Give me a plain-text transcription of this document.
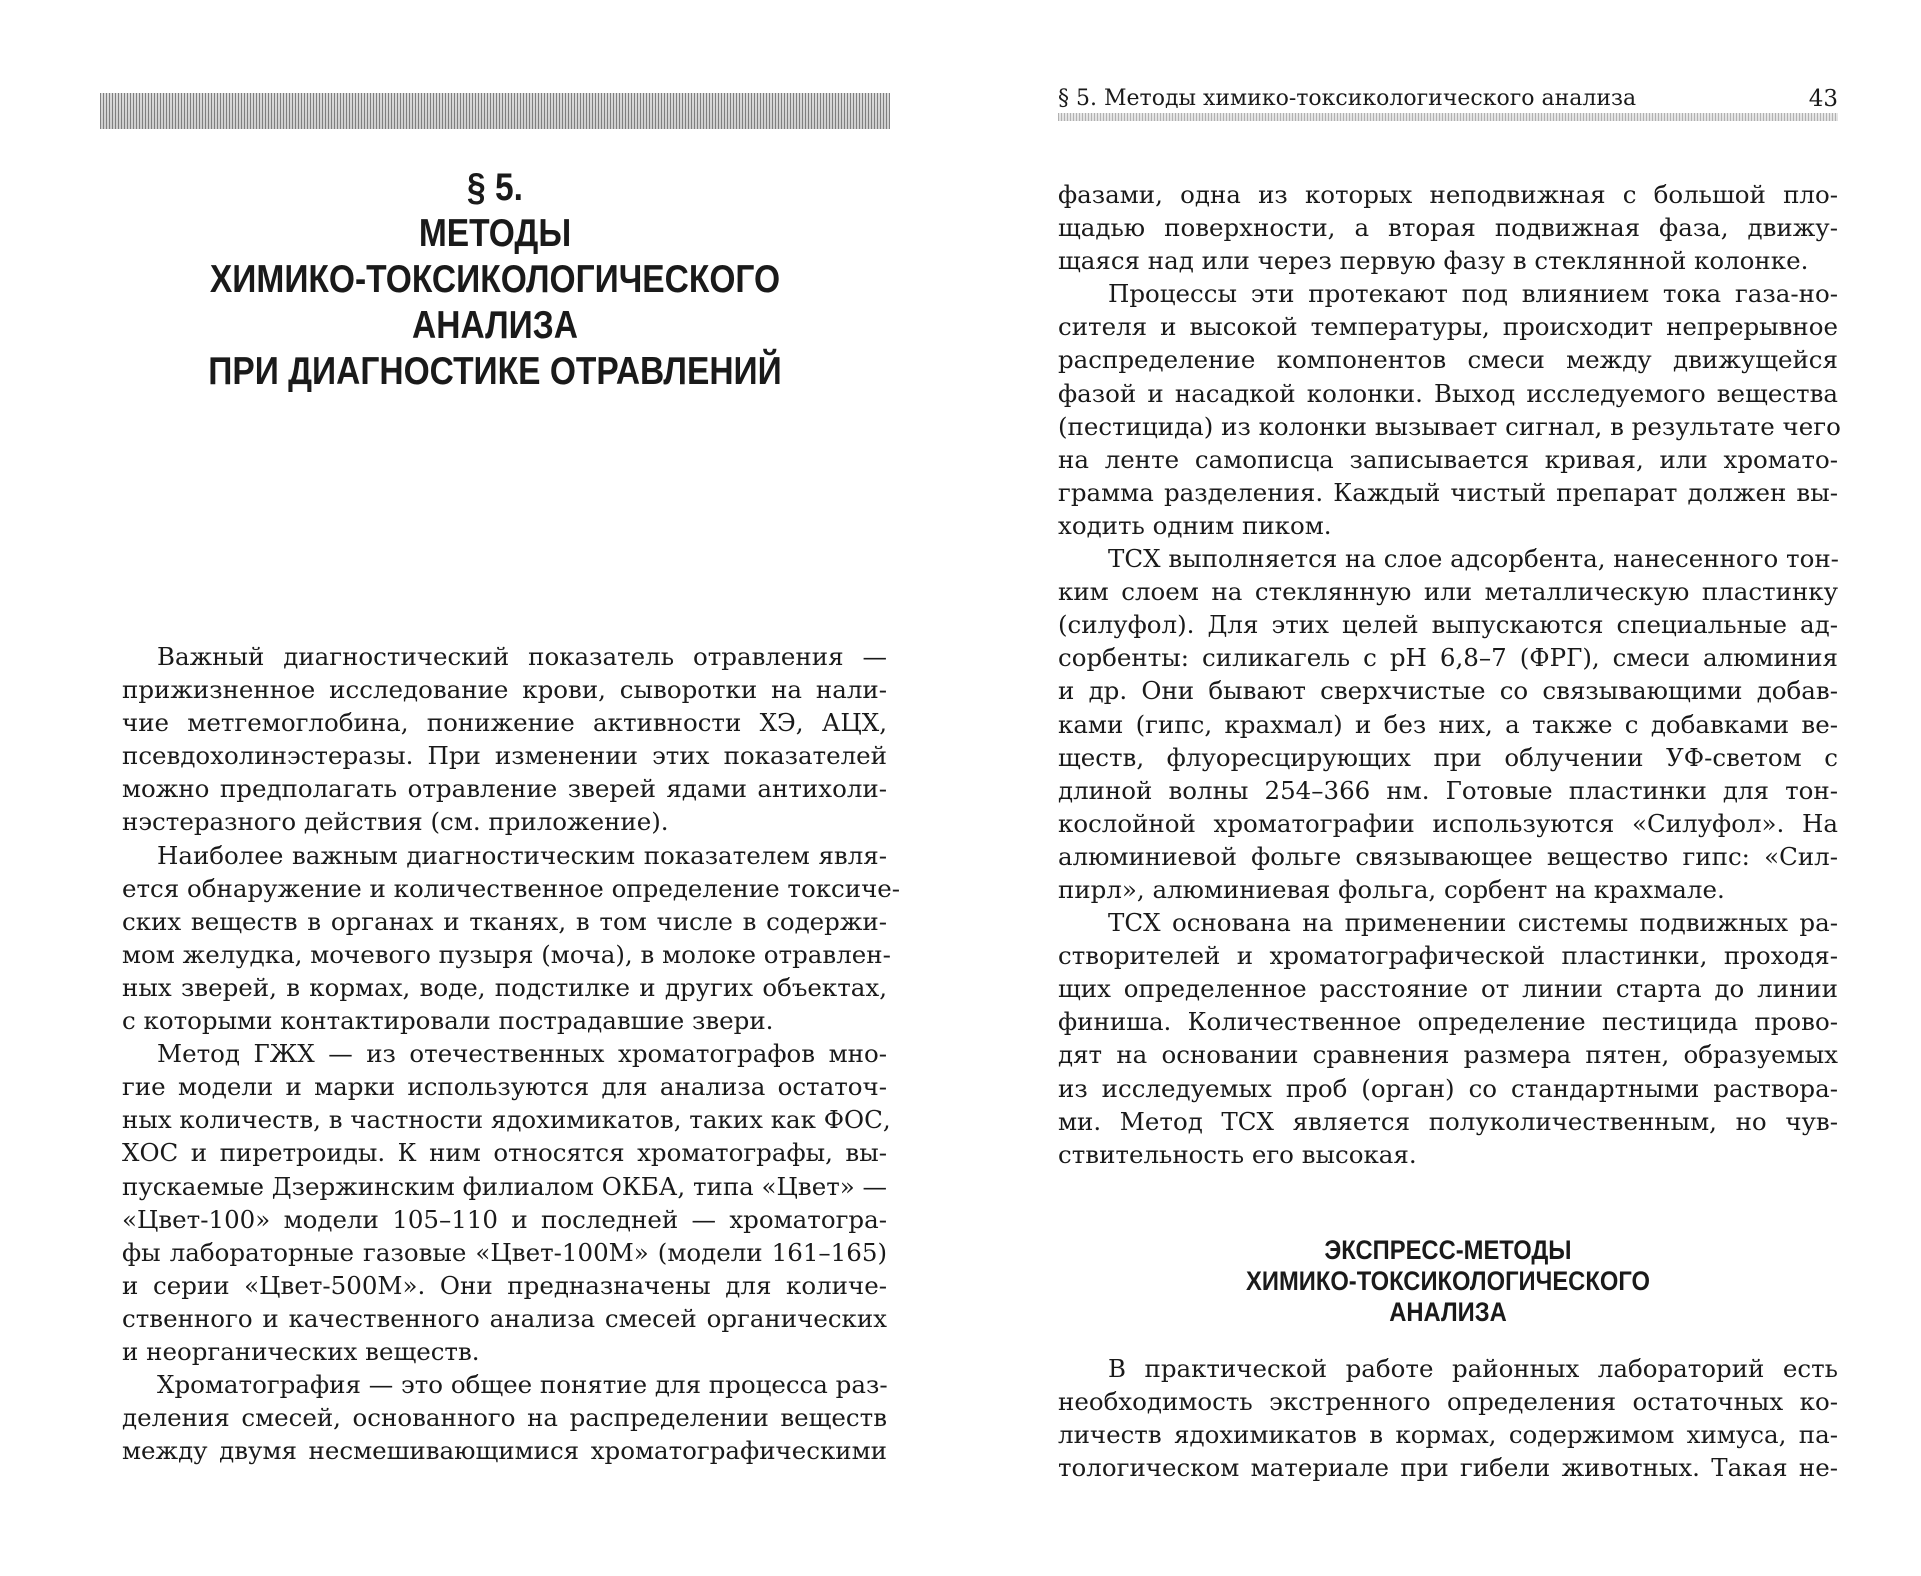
§ 5.
МЕТОДЫ
ХИМИКО-ТОКСИКОЛОГИЧЕСКОГО
АНАЛИЗА
ПРИ ДИАГНОСТИКЕ ОТРАВЛЕНИЙ

Важный диагностический показатель отравления —
прижизненное исследование крови, сыворотки на нали-
чие метгемоглобина, понижение активности ХЭ, АЦХ,
псевдохолинэстеразы. При изменении этих показателей
можно предполагать отравление зверей ядами антихоли-
нэстеразного действия (см. приложение).

Наиболее важным диагностическим показателем явля-
ется обнаружение и количественное определение токсиче-
ских веществ в органах и тканях, в том числе в содержи-
мом желудка, мочевого пузыря (моча), в молоке отравлен-
ных зверей, в кормах, воде, подстилке и других объектах,
с которыми контактировали пострадавшие звери.

Метод ГЖХ — из отечественных хроматографов мно-
гие модели и марки используются для анализа остаточ-
ных количеств, в частности ядохимикатов, таких как ФОС,
ХОС и пиретроиды. К ним относятся хроматографы, вы-
пускаемые Дзержинским филиалом ОКБА, типа «Цвет» —
«Цвет-100» модели 105–110 и последней — хроматогра-
фы лабораторные газовые «Цвет-100М» (модели 161–165)
и серии «Цвет-500М». Они предназначены для количе-
ственного и качественного анализа смесей органических
и неорганических веществ.

Хроматография — это общее понятие для процесса раз-
деления смесей, основанного на распределении веществ
между двумя несмешивающимися хроматографическими

§ 5. Методы химико-токсикологического анализа	43

фазами, одна из которых неподвижная с большой пло-
щадью поверхности, а вторая подвижная фаза, движу-
щаяся над или через первую фазу в стеклянной колонке.

Процессы эти протекают под влиянием тока газа-но-
сителя и высокой температуры, происходит непрерывное
распределение компонентов смеси между движущейся
фазой и насадкой колонки. Выход исследуемого вещества
(пестицида) из колонки вызывает сигнал, в результате чего
на ленте самописца записывается кривая, или хромато-
грамма разделения. Каждый чистый препарат должен вы-
ходить одним пиком.

ТСХ выполняется на слое адсорбента, нанесенного тон-
ким слоем на стеклянную или металлическую пластинку
(силуфол). Для этих целей выпускаются специальные ад-
сорбенты: силикагель с рН 6,8–7 (ФРГ), смеси алюминия
и др. Они бывают сверхчистые со связывающими добав-
ками (гипс, крахмал) и без них, а также с добавками ве-
ществ, флуоресцирующих при облучении УФ-светом с
длиной волны 254–366 нм. Готовые пластинки для тон-
кослойной хроматографии используются «Силуфол». На
алюминиевой фольге связывающее вещество гипс: «Сил-
пирл», алюминиевая фольга, сорбент на крахмале.

ТСХ основана на применении системы подвижных ра-
створителей и хроматографической пластинки, проходя-
щих определенное расстояние от линии старта до линии
финиша. Количественное определение пестицида прово-
дят на основании сравнения размера пятен, образуемых
из исследуемых проб (орган) со стандартными раствора-
ми. Метод ТСХ является полуколичественным, но чув-
ствительность его высокая.

ЭКСПРЕСС-МЕТОДЫ
ХИМИКО-ТОКСИКОЛОГИЧЕСКОГО
АНАЛИЗА

В практической работе районных лабораторий есть
необходимость экстренного определения остаточных ко-
личеств ядохимикатов в кормах, содержимом химуса, па-
тологическом материале при гибели животных. Такая не-
